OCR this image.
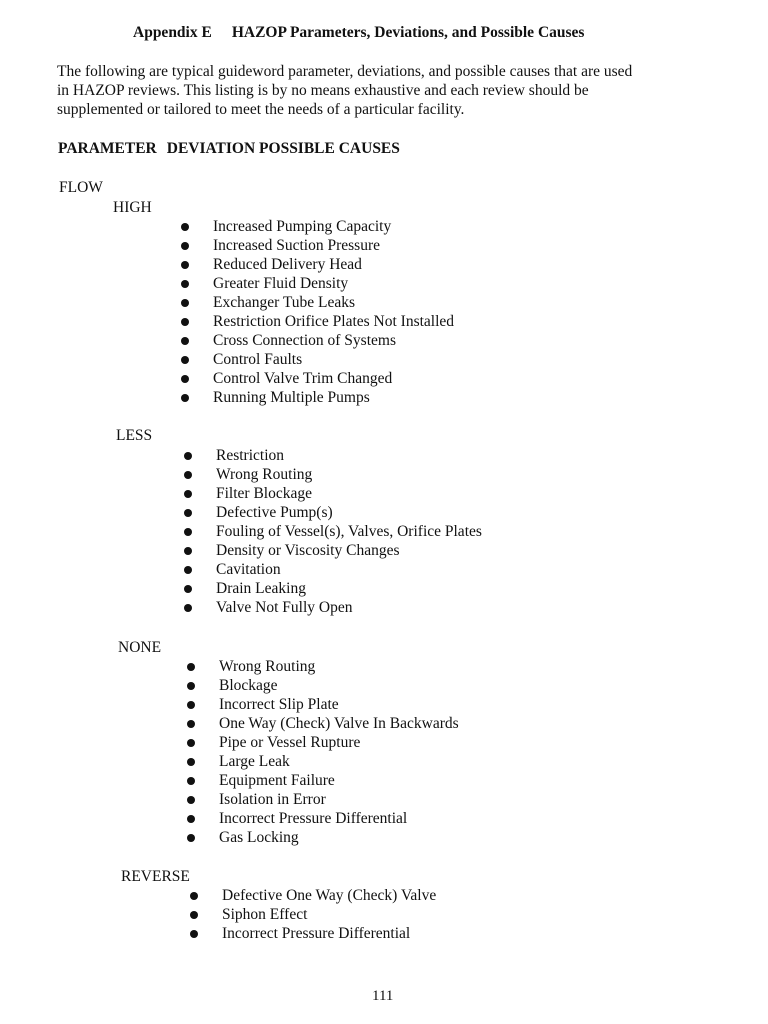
Appendix E HAZOP Parameters, Deviations, and Possible Causes
The following are typical guideword parameter, deviations, and possible causes that are used
in HAZOP reviews. This listing is by no means exhaustive and each review should be
supplemented or tailored to meet the needs of a particular facility.
PARAMETER DEVIATION POSSIBLE CAUSES
FLOW
HIGH
Increased Pumping Capacity
Increased Suction Pressure
Reduced Delivery Head
Greater Fluid Density
Exchanger Tube Leaks
Restriction Orifice Plates Not Installed
Cross Connection of Systems
Control Faults
Control Valve Trim Changed
Running Multiple Pumps
LESS
Restriction
Wrong Routing
Filter Blockage
Defective Pump(s)
Fouling of Vessel(s), Valves, Orifice Plates
Density or Viscosity Changes
Cavitation
Drain Leaking
Valve Not Fully Open
NONE
Wrong Routing
Blockage
Incorrect Slip Plate
One Way (Check) Valve In Backwards
Pipe or Vessel Rupture
Large Leak
Equipment Failure
Isolation in Error
Incorrect Pressure Differential
Gas Locking
REVERSE
Defective One Way (Check) Valve
Siphon Effect
Incorrect Pressure Differential
111
